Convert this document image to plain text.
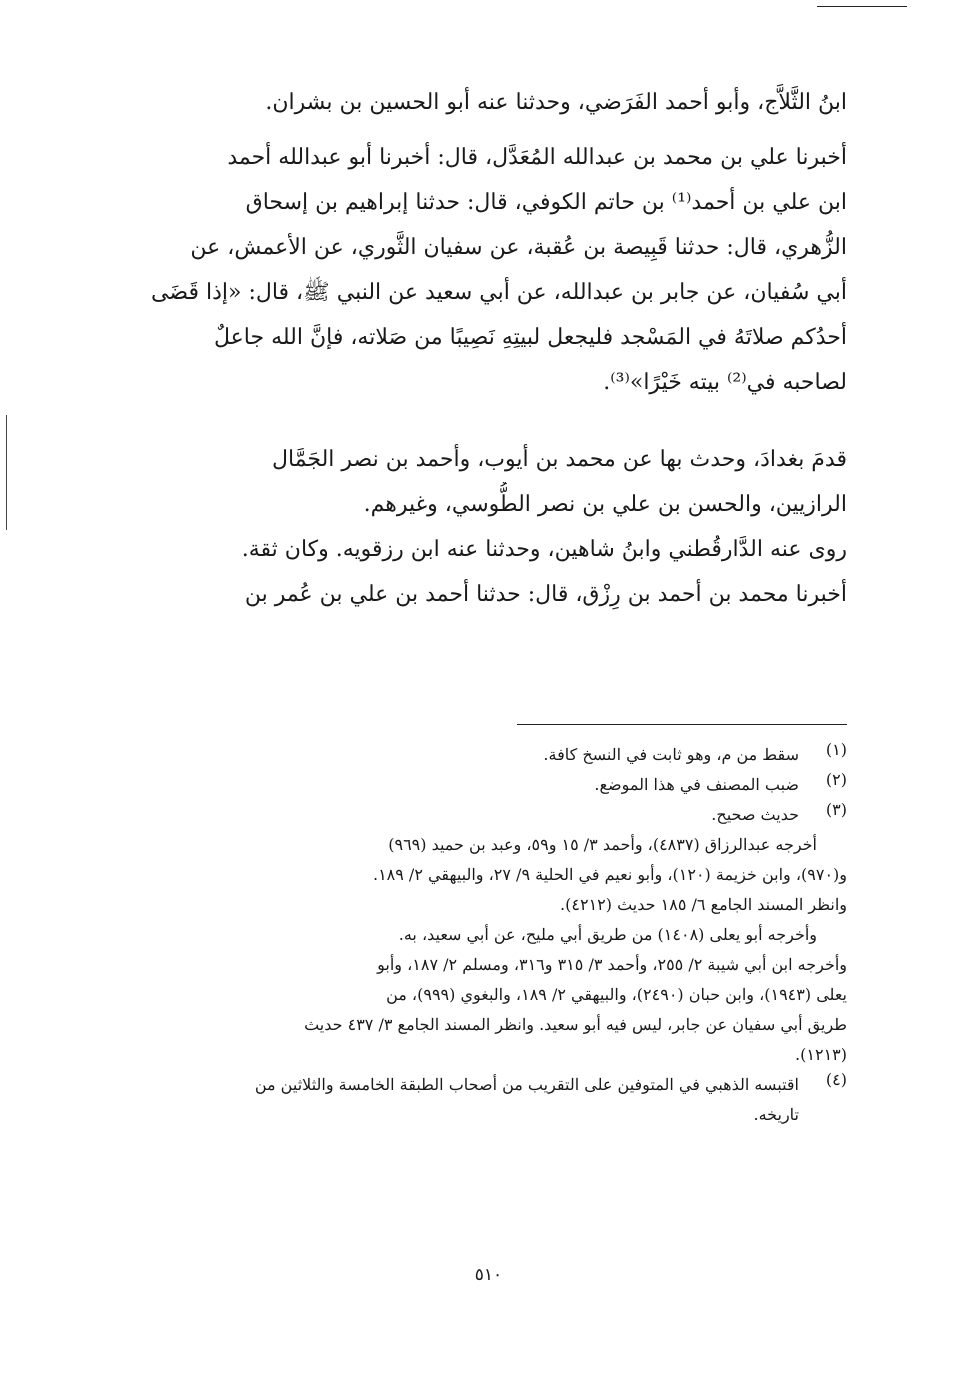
ابنُ الثَّلاَّج، وأبو أحمد الفَرَضي، وحدثنا عنه أبو الحسين بن بشران.
أخبرنا علي بن محمد بن عبدالله المُعَدَّل، قال: أخبرنا أبو عبدالله أحمد
ابن علي بن أحمد⁽¹⁾ بن حاتم الكوفي، قال: حدثنا إبراهيم بن إسحاق
الزُّهري، قال: حدثنا قَبِيصة بن عُقبة، عن سفيان الثَّوري، عن الأعمش، عن
أبي سُفيان، عن جابر بن عبدالله، عن أبي سعيد عن النبي ﷺ، قال: «إذا قَضَى
أحدُكم صلاتَهُ في المَسْجد فليجعل لبيتِهِ نَصِيبًا من صَلاته، فإنَّ الله جاعلٌ
لصاحبه في⁽²⁾ بيته خَيْرًا»⁽³⁾.
قدمَ بغدادَ، وحدث بها عن محمد بن أيوب، وأحمد بن نصر الجَمَّال
الرازيين، والحسن بن علي بن نصر الطُّوسي، وغيرهم.
روى عنه الدَّارقُطني وابنُ شاهين، وحدثنا عنه ابن رزقويه. وكان ثقة.
أخبرنا محمد بن أحمد بن رِزْق، قال: حدثنا أحمد بن علي بن عُمر بن
(١)
سقط من م، وهو ثابت في النسخ كافة.
(٢)
ضبب المصنف في هذا الموضع.
(٣)
حديث صحيح.
أخرجه عبدالرزاق (٤٨٣٧)، وأحمد ٣/ ١٥ و٥٩، وعبد بن حميد (٩٦٩)
و(٩٧٠)، وابن خزيمة (١٢٠)، وأبو نعيم في الحلية ٩/ ٢٧، والبيهقي ٢/ ١٨٩.
وانظر المسند الجامع ٦/ ١٨٥ حديث (٤٢١٢).
وأخرجه أبو يعلى (١٤٠٨) من طريق أبي مليح، عن أبي سعيد، به.
وأخرجه ابن أبي شيبة ٢/ ٢٥٥، وأحمد ٣/ ٣١٥ و٣١٦، ومسلم ٢/ ١٨٧، وأبو
يعلى (١٩٤٣)، وابن حبان (٢٤٩٠)، والبيهقي ٢/ ١٨٩، والبغوي (٩٩٩)، من
طريق أبي سفيان عن جابر، ليس فيه أبو سعيد. وانظر المسند الجامع ٣/ ٤٣٧ حديث
(١٢١٣).
(٤)
اقتبسه الذهبي في المتوفين على التقريب من أصحاب الطبقة الخامسة والثلاثين من
تاريخه.
٥١٠
